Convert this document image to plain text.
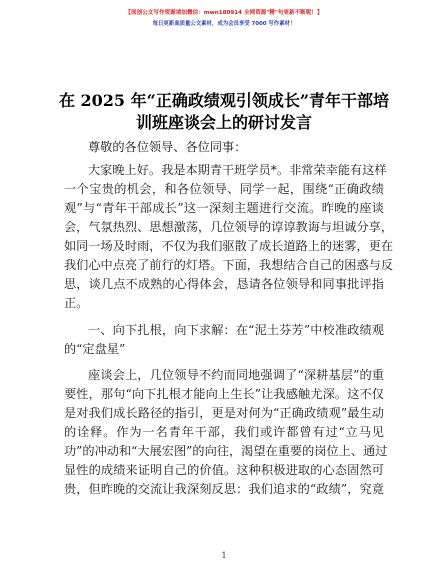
【原创公文写作资源请加微信：mwn180914 全网资源"精"句更新不断呢！】
每日更新高质量公文素材，成为会员享受 7000 写作素材！
在 2025 年“正确政绩观引领成长”青年干部培
训班座谈会上的研讨发言
尊敬的各位领导、各位同事：
大家晚上好。我是本期青干班学员*。非常荣幸能有这样
一个宝贵的机会，和各位领导、同学一起，围绕“正确政绩
观”与“青年干部成长”这一深刻主题进行交流。昨晚的座谈
会，气氛热烈、思想激荡，几位领导的谆谆教诲与坦诚分享，
如同一场及时雨，不仅为我们驱散了成长道路上的迷雾，更在
我们心中点亮了前行的灯塔。下面，我想结合自己的困惑与反
思，谈几点不成熟的心得体会，恳请各位领导和同事批评指
正。
一、向下扎根，向下求解：在“泥土芬芳”中校准政绩观
的“定盘星”
座谈会上，几位领导不约而同地强调了“深耕基层”的重
要性，那句“向下扎根才能向上生长”让我感触尤深。这不仅
是对我们成长路径的指引，更是对何为“正确政绩观”最生动
的诠释。作为一名青年干部，我们或许都曾有过“立马见
功”的冲动和“大展宏图”的向往，渴望在重要的岗位上、通过
显性的成绩来证明自己的价值。这种积极进取的心态固然可
贵，但昨晚的交流让我深刻反思：我们追求的“政绩”，究竟
1
